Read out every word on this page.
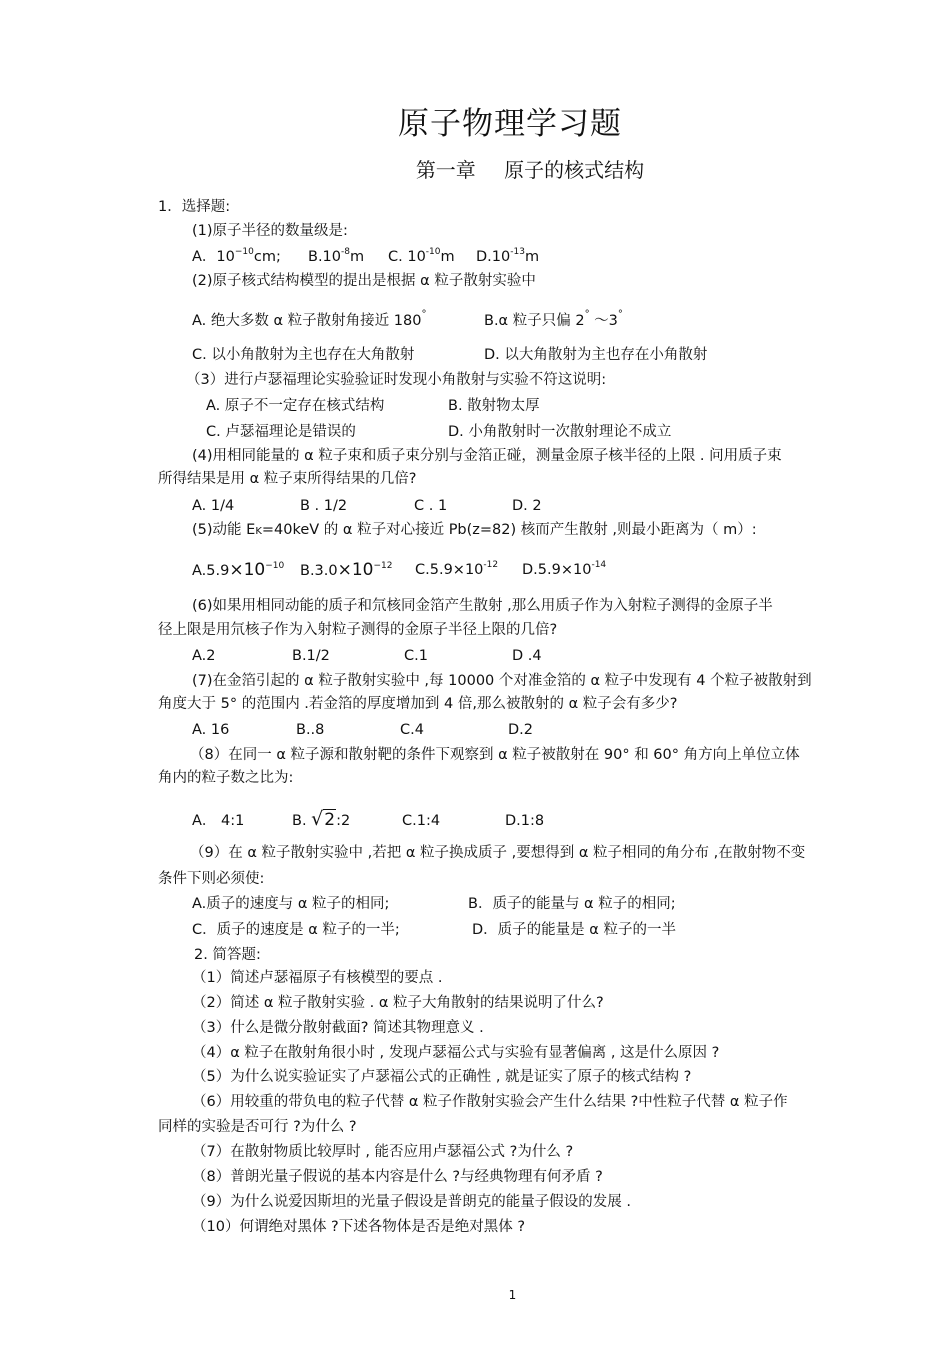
原子物理学习题
第一章 原子的核式结构
1．选择题:
(1)原子半径的数量级是:
A．$10^{-10}cm$; $B.10^{-8}m$ C. $10^{-10}m$ $D.10^{-13}m$
(2)原子核式结构模型的提出是根据 α 粒子散射实验中
A. 绝大多数 α 粒子散射角接近 180°	B.α 粒子只偏 2° ～3°
C. 以小角散射为主也存在大角散射	D. 以大角散射为主也存在小角散射
（3）进行卢瑟福理论实验验证时发现小角散射与实验不符这说明:
A. 原子不一定存在核式结构	B. 散射物太厚
C. 卢瑟福理论是错误的	D. 小角散射时一次散射理论不成立
(4)用相同能量的 α 粒子束和质子束分别与金箔正碰，测量金原子核半径的上限 . 问用质子束
所得结果是用 α 粒子束所得结果的几倍?
A. 1/4	B . 1/2	C . 1	D. 2
(5)动能 EK=40keV 的 α 粒子对心接近 Pb(z=82) 核而产生散射 ,则最小距离为（ m）:
$A.5.9\times 10^{-10}$ $B.3.0\times 10^{-12}$ $C.5.9\times 10^{-12}$ $D.5.9\times 10^{-14}$
(6)如果用相同动能的质子和氘核同金箔产生散射 ,那么用质子作为入射粒子测得的金原子半
径上限是用氘核子作为入射粒子测得的金原子半径上限的几倍?
A.2	B.1/2	C.1	D .4
(7)在金箔引起的 α 粒子散射实验中 ,每 10000 个对准金箔的 α 粒子中发现有 4 个粒子被散射到
角度大于 5° 的范围内 .若金箔的厚度增加到 4 倍,那么被散射的 α 粒子会有多少?
A. 16	B..8	C.4	D.2
（8）在同一 α 粒子源和散射靶的条件下观察到 α 粒子被散射在 90° 和 60° 角方向上单位立体
角内的粒子数之比为:
A． 4:1	B. √2:2	C.1:4	D.1:8
（9）在 α 粒子散射实验中 ,若把 α 粒子换成质子 ,要想得到 α 粒子相同的角分布 ,在散射物不变
条件下则必须使:
A.质子的速度与 α 粒子的相同;	B．质子的能量与 α 粒子的相同;
C．质子的速度是 α 粒子的一半;	D．质子的能量是 α 粒子的一半
2. 简答题:
（1）简述卢瑟福原子有核模型的要点 .
（2）简述 α 粒子散射实验 . α 粒子大角散射的结果说明了什么?
（3）什么是微分散射截面? 简述其物理意义 .
（4）α 粒子在散射角很小时 , 发现卢瑟福公式与实验有显著偏离 , 这是什么原因 ?
（5）为什么说实验证实了卢瑟福公式的正确性 , 就是证实了原子的核式结构 ?
（6）用较重的带负电的粒子代替 α 粒子作散射实验会产生什么结果 ?中性粒子代替 α 粒子作
同样的实验是否可行 ?为什么 ?
（7）在散射物质比较厚时 , 能否应用卢瑟福公式 ?为什么 ?
（8）普朗光量子假说的基本内容是什么 ?与经典物理有何矛盾 ?
（9）为什么说爱因斯坦的光量子假设是普朗克的能量子假设的发展 .
（10）何谓绝对黑体 ?下述各物体是否是绝对黑体 ?
1
